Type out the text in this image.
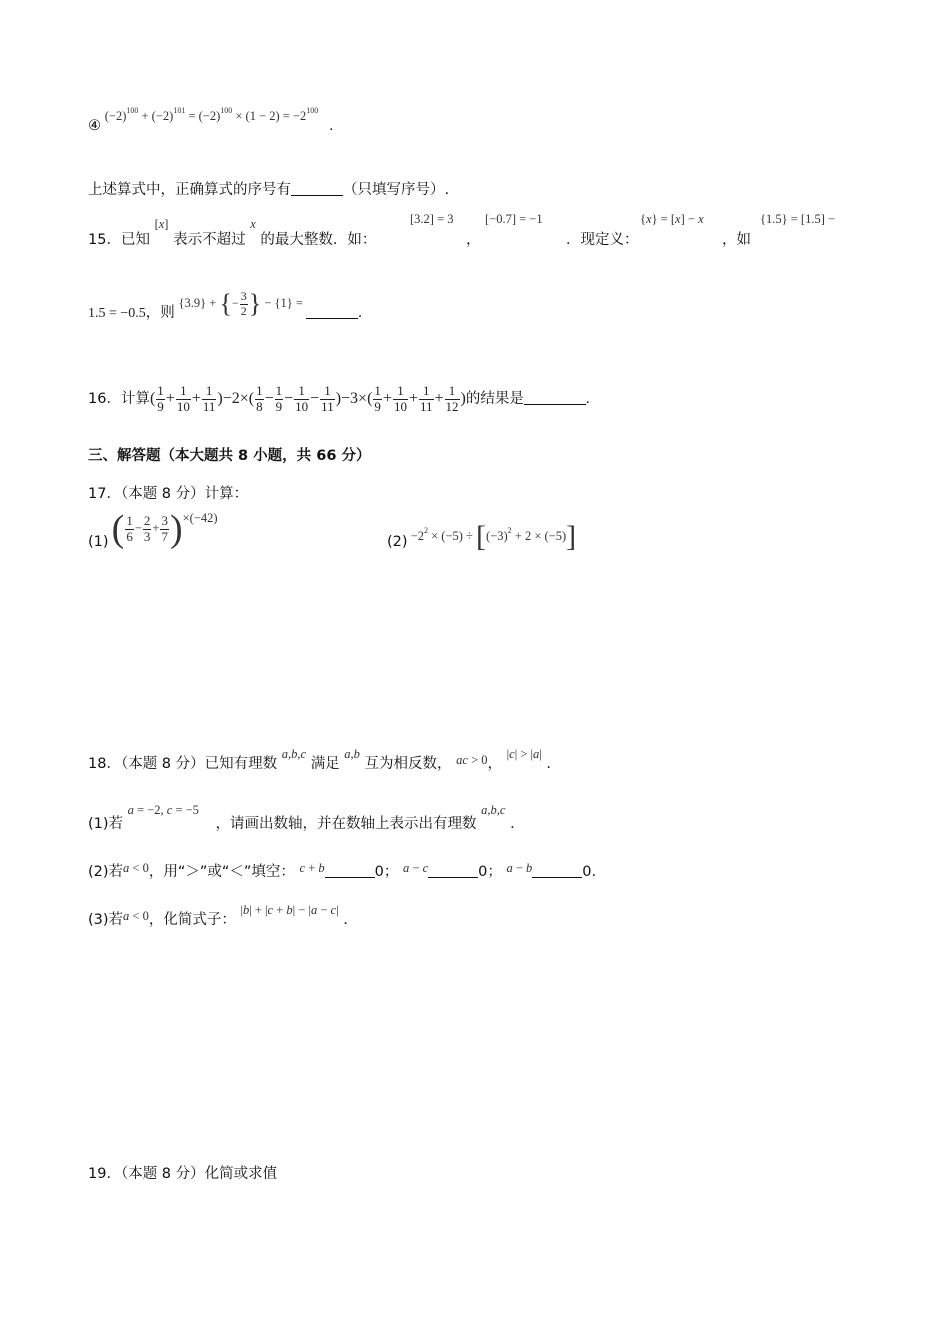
④ $^{(-2)^{100} + (-2)^{101} = (-2)^{100} \times (1 - 2) = -2^{100}}$ .
上述算式中，正确算式的序号有	（只填写序号）.
15．已知 [x] 表示不超过 x 的最大整数．如：
[3.2] = 3
，
[−0.7] = −1
．现定义：
{x} = [x] − x
，如
{1.5} = [1.5] −
1.5 = −0.5，则 $^{\{3.9\} + \{- \frac{3}{2} \} - \{1\} =}$ .
16．计算( $\frac{1}{9} + \frac{1}{10} + \frac{1}{11} )-2\times( \frac{1}{8} - \frac{1}{9} - \frac{1}{10} - \frac{1}{11} )-3\times( \frac{1}{9} + \frac{1}{10} + \frac{1}{11} + \frac{1}{12}$ )的结果是	.
三、解答题（本大题共 8 小题，共 66 分）
17．（本题 8 分）计算：
(1) ( $\frac{1}{6} - \frac{2}{3} + \frac{3}{7} )\times(-42)$
$(2) -2^2 \times (-5) \div [(-3)^2 + 2 \times (-5)]$
18．（本题 8 分）已知有理数 a,b,c 满足 a,b 互为相反数， ac > 0， |c| > |a| .
(1)若 a = −2, c = −5 ，请画出数轴，并在数轴上表示出有理数 a,b,c .
(2)若a < 0，用“＞”或“＜”填空： c + b	0； a − c	0； a − b	0.
(3)若a < 0，化简式子： |b| + |c + b| − |a − c| .
19．（本题 8 分）化简或求值
